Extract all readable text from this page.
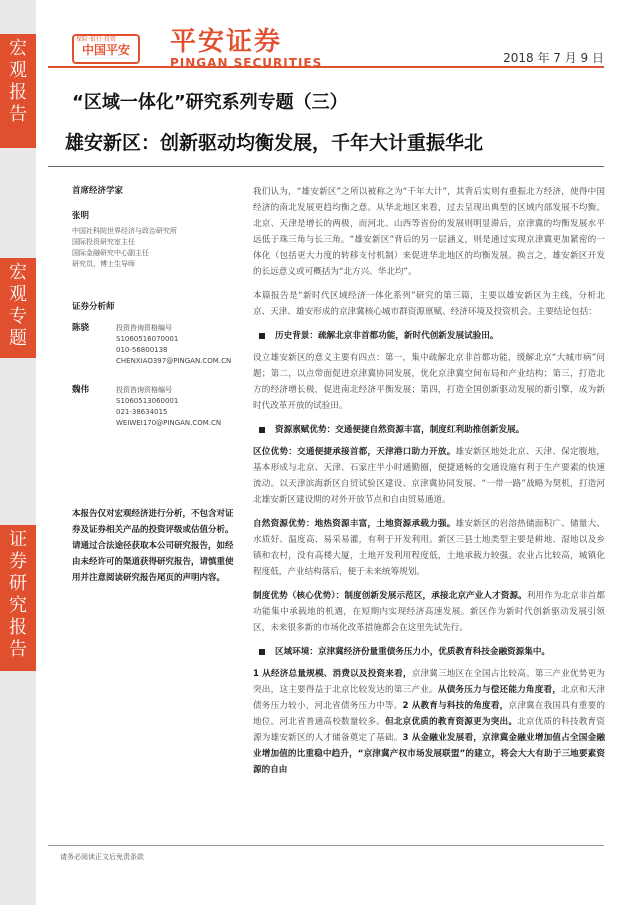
宏
观
报
告
宏
观
专
题
证
券
研
究
报
告
中国平安	平安证券
PINGAN SECURITIES
保险·银行·投资
2018 年 7 月 9 日
“区域一体化”研究系列专题（三）
雄安新区：创新驱动均衡发展，千年大计重振华北
首席经济学家
张明
中国社科院世界经济与政治研究所
国际投资研究室主任
国际金融研究中心副主任
研究员、博士生导师
证券分析师
陈骁	投资咨询资格编号
S1060516070001
010-56800138
CHENXIAO397@PINGAN.COM.CN
魏伟	投资咨询资格编号
S1060513060001
021-38634015
WEIWEI170@PINGAN.COM.CN
本报告仅对宏观经济进行分析，不包含对证券及证券相关产品的投资评级或估值分析。
请通过合法途径获取本公司研究报告，如经由未经许可的渠道获得研究报告，请慎重使用并注意阅读研究报告尾页的声明内容。

我们认为，“雄安新区”之所以被称之为“千年大计”，其背后实则有重振北方经济，使得中国经济的南北发展更趋均衡之意。从华北地区来看，过去呈现出典型的区域内部发展不均衡。北京、天津是增长的两极，而河北、山西等省份的发展则明显滞后，京津冀的均衡发展水平远低于珠三角与长三角。“雄安新区”背后的另一层涵义，则是通过实现京津冀更加紧密的一体化（包括更大力度的转移支付机制）来促进华北地区的均衡发展。换言之，雄安新区开发的长远意义或可概括为“北方兴、华北均”。

本篇报告是“新时代区域经济一体化系列”研究的第三篇，主要以雄安新区为主线，分析北京、天津、雄安形成的京津冀核心城市群资源禀赋、经济环境及投资机会。主要结论包括：

历史背景：疏解北京非首都功能，新时代创新发展试验田。

设立雄安新区的意义主要有四点：第一，集中疏解北京非首都功能，缓解北京“大城市病”问题；第二，以点带面促进京津冀协同发展，优化京津冀空间布局和产业结构；第三，打造北方的经济增长极，促进南北经济平衡发展；第四，打造全国创新驱动发展的新引擎，成为新时代改革开放的试验田。

资源禀赋优势：交通便捷自然资源丰富，制度红利助推创新发展。

区位优势：交通便捷承接首都，天津港口助力开放。雄安新区地处北京、天津、保定腹地，基本形成与北京、天津、石家庄半小时通勤圈，便捷通畅的交通设施有利于生产要素的快速流动。以天津滨海新区自贸试验区建设、京津冀协同发展、“一带一路”战略为契机，打造河北雄安新区建设期的对外开放节点和自由贸易通道。

自然资源优势：地热资源丰富，土地资源承载力强。雄安新区的岩溶热储面积广、储量大、水质好、温度高、易采易灌，有利于开发利用。新区三县土地类型主要是耕地、湿地以及乡镇和农村，没有高楼大厦，土地开发利用程度低，土地承载力较强。农业占比较高，城镇化程度低，产业结构落后，便于未来统筹规划。

制度优势（核心优势）：制度创新发展示范区，承接北京产业人才资源。利用作为北京非首都功能集中承载地的机遇，在短期内实现经济高速发展。新区作为新时代创新驱动发展引领区，未来很多新的市场化改革措施都会在这里先试先行。

区域环境：京津冀经济份量重债务压力小，优质教育科技金融资源集中。

1 从经济总量规模、消费以及投资来看，京津冀三地区在全国占比较高。第三产业优势更为突出，这主要得益于北京比较发达的第三产业。从债务压力与偿还能力角度看，北京和天津债务压力较小，河北省债务压力中等。2 从教育与科技的角度看，京津冀在我国具有重要的地位。河北省普通高校数量较多。但北京优质的教育资源更为突出。北京优质的科技教育资源为雄安新区的人才储备奠定了基础。3 从金融业发展看，京津冀金融业增加值占全国金融业增加值的比重稳中趋升，“京津冀产权市场发展联盟”的建立，将会大大有助于三地要素资源的自由

请务必阅读正文后免责条款
